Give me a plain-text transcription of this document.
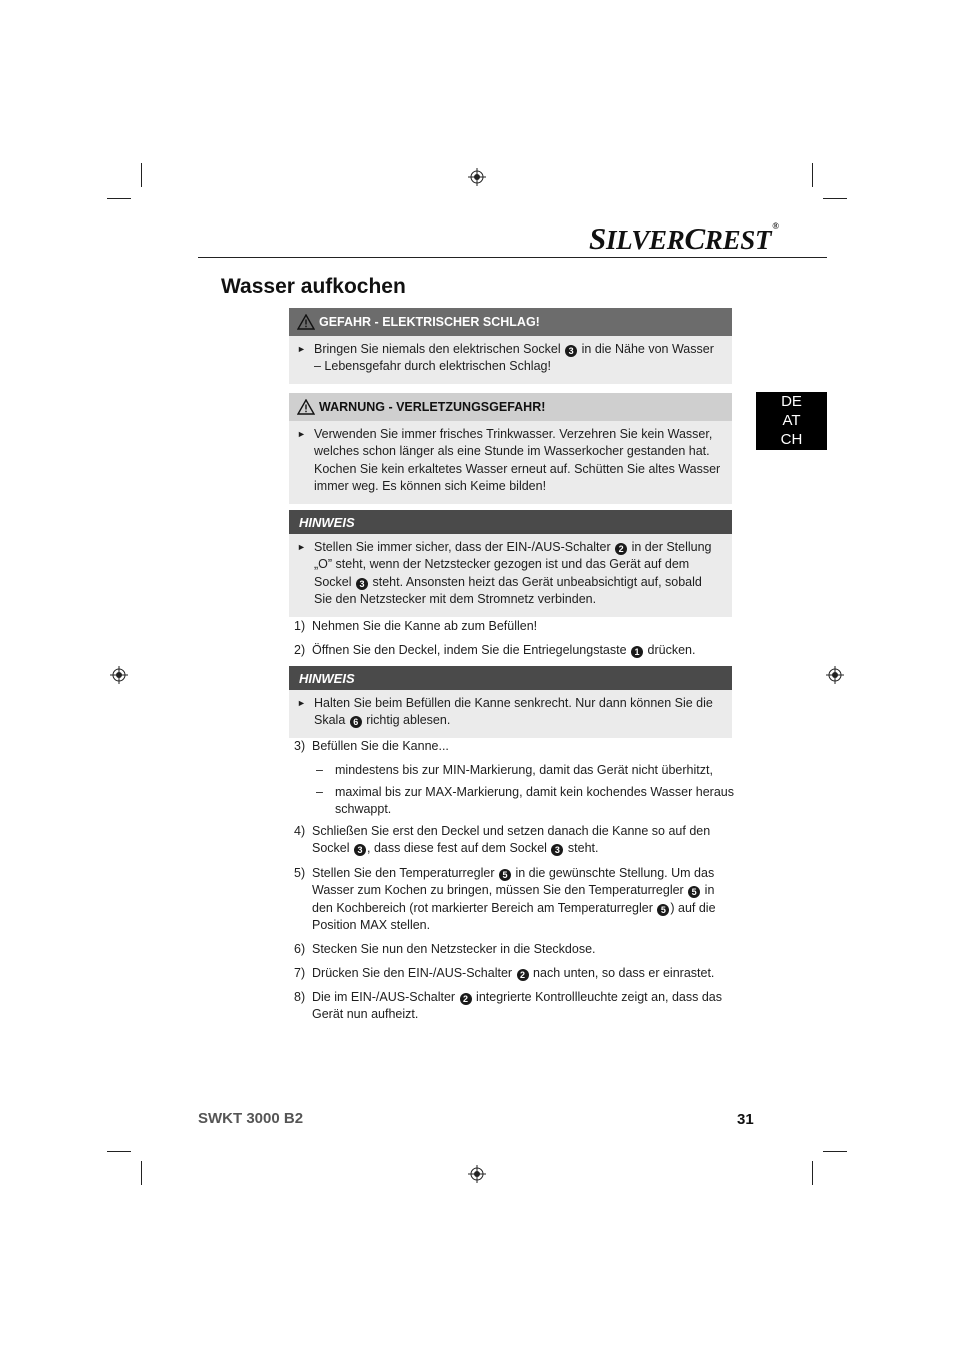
SILVERCREST®
Wasser aufkochen
DE
AT
CH
GEFAHR - ELEKTRISCHER SCHLAG!
► Bringen Sie niemals den elektrischen Sockel 3 in die Nähe von Wasser – Lebensgefahr durch elektrischen Schlag!
WARNUNG - VERLETZUNGSGEFAHR!
► Verwenden Sie immer frisches Trinkwasser. Verzehren Sie kein Wasser, welches schon länger als eine Stunde im Wasserkocher gestanden hat. Kochen Sie kein erkaltetes Wasser erneut auf. Schütten Sie altes Wasser immer weg. Es können sich Keime bilden!
HINWEIS
► Stellen Sie immer sicher, dass der EIN-/AUS-Schalter 2 in der Stellung „O” steht, wenn der Netzstecker gezogen ist und das Gerät auf dem Sockel 3 steht. Ansonsten heizt das Gerät unbeabsichtigt auf, sobald Sie den Netzstecker mit dem Stromnetz verbinden.
1) Nehmen Sie die Kanne ab zum Befüllen!
2) Öffnen Sie den Deckel, indem Sie die Entriegelungstaste 1 drücken.
HINWEIS
► Halten Sie beim Befüllen die Kanne senkrecht. Nur dann können Sie die Skala 6 richtig ablesen.
3) Befüllen Sie die Kanne...
– mindestens bis zur MIN-Markierung, damit das Gerät nicht überhitzt,
– maximal bis zur MAX-Markierung, damit kein kochendes Wasser heraus schwappt.
4) Schließen Sie erst den Deckel und setzen danach die Kanne so auf den Sockel 3 , dass diese fest auf dem Sockel 3 steht.
5) Stellen Sie den Temperaturregler 5 in die gewünschte Stellung. Um das Wasser zum Kochen zu bringen, müssen Sie den Temperaturregler 5 in den Kochbereich (rot markierter Bereich am Temperaturregler 5 ) auf die Position MAX stellen.
6) Stecken Sie nun den Netzstecker in die Steckdose.
7) Drücken Sie den EIN-/AUS-Schalter 2 nach unten, so dass er einrastet.
8) Die im EIN-/AUS-Schalter 2 integrierte Kontrollleuchte zeigt an, dass das Gerät nun aufheizt.
SWKT 3000 B2	31
